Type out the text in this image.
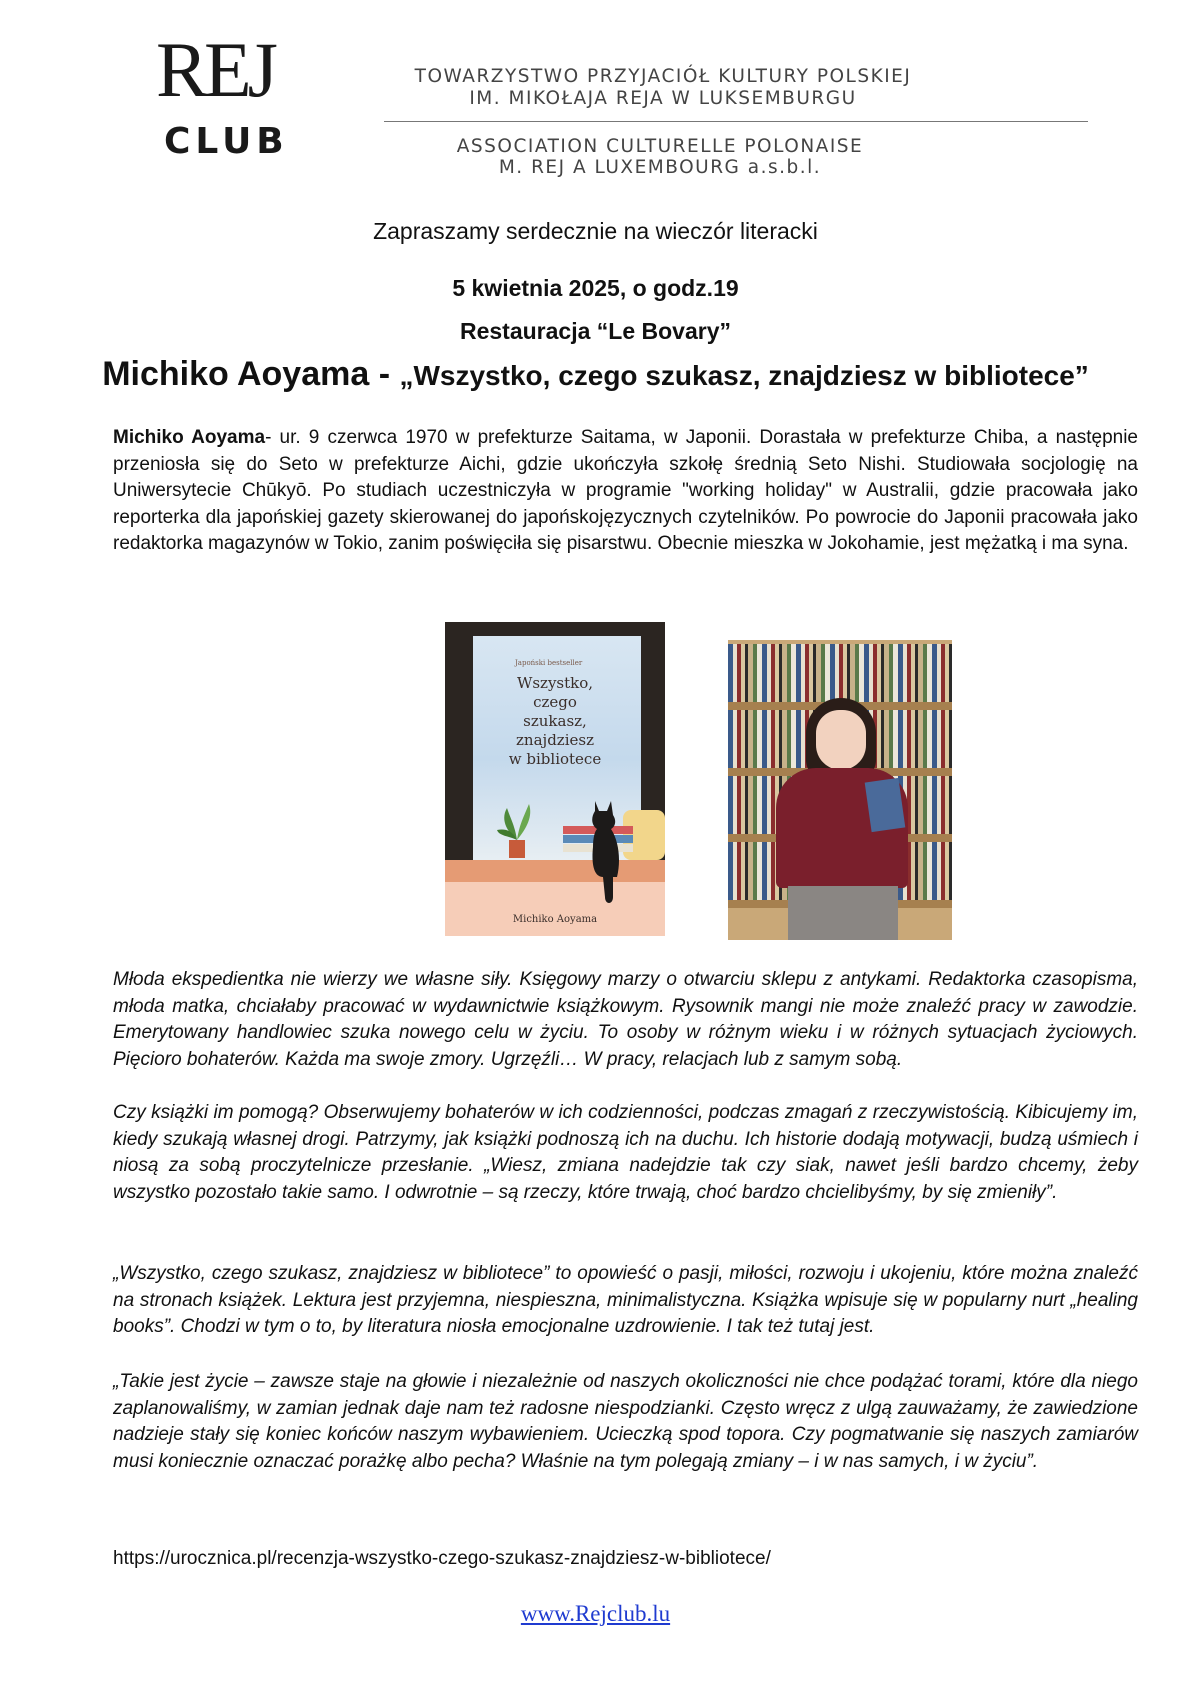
REJ
CLUB
TOWARZYSTWO PRZYJACIÓŁ KULTURY POLSKIEJ
IM. MIKOŁAJA REJA W LUKSEMBURGU
ASSOCIATION CULTURELLE POLONAISE
M. REJ A LUXEMBOURG a.s.b.l.
Zapraszamy serdecznie na wieczór literacki
5 kwietnia 2025, o godz.19
Restauracja “Le Bovary”
Michiko Aoyama - „Wszystko, czego szukasz, znajdziesz w bibliotece”

Michiko Aoyama- ur. 9 czerwca 1970 w prefekturze Saitama, w Japonii. Dorastała w prefekturze Chiba, a następnie przeniosła się do Seto w prefekturze Aichi, gdzie ukończyła szkołę średnią Seto Nishi. Studiowała socjologię na Uniwersytecie Chūkyō. Po studiach uczestniczyła w programie "working holiday" w Australii, gdzie pracowała jako reporterka dla japońskiej gazety skierowanej do japońskojęzycznych czytelników. Po powrocie do Japonii pracowała jako redaktorka magazynów w Tokio, zanim poświęciła się pisarstwu. Obecnie mieszka w Jokohamie, jest mężatką i ma syna.

Japoński bestseller
Wszystko,
czego
szukasz,
znajdziesz
w bibliotece
Michiko Aoyama

Młoda ekspedientka nie wierzy we własne siły. Księgowy marzy o otwarciu sklepu z antykami. Redaktorka czasopisma, młoda matka, chciałaby pracować w wydawnictwie książkowym. Rysownik mangi nie może znaleźć pracy w zawodzie. Emerytowany handlowiec szuka nowego celu w życiu. To osoby w różnym wieku i w różnych sytuacjach życiowych. Pięcioro bohaterów. Każda ma swoje zmory. Ugrzęźli… W pracy, relacjach lub z samym sobą.

Czy książki im pomogą? Obserwujemy bohaterów w ich codzienności, podczas zmagań z rzeczywistością. Kibicujemy im, kiedy szukają własnej drogi. Patrzymy, jak książki podnoszą ich na duchu. Ich historie dodają motywacji, budzą uśmiech i niosą za sobą proczytelnicze przesłanie. „Wiesz, zmiana nadejdzie tak czy siak, nawet jeśli bardzo chcemy, żeby wszystko pozostało takie samo. I odwrotnie – są rzeczy, które trwają, choć bardzo chcielibyśmy, by się zmieniły”.

„Wszystko, czego szukasz, znajdziesz w bibliotece” to opowieść o pasji, miłości, rozwoju i ukojeniu, które można znaleźć na stronach książek. Lektura jest przyjemna, niespieszna, minimalistyczna. Książka wpisuje się w popularny nurt „healing books”. Chodzi w tym o to, by literatura niosła emocjonalne uzdrowienie. I tak też tutaj jest.

„Takie jest życie – zawsze staje na głowie i niezależnie od naszych okoliczności nie chce podążać torami, które dla niego zaplanowaliśmy, w zamian jednak daje nam też radosne niespodzianki. Często wręcz z ulgą zauważamy, że zawiedzione nadzieje stały się koniec końców naszym wybawieniem. Ucieczką spod topora. Czy pogmatwanie się naszych zamiarów musi koniecznie oznaczać porażkę albo pecha? Właśnie na tym polegają zmiany – i w nas samych, i w życiu”.

https://urocznica.pl/recenzja-wszystko-czego-szukasz-znajdziesz-w-bibliotece/
www.Rejclub.lu
